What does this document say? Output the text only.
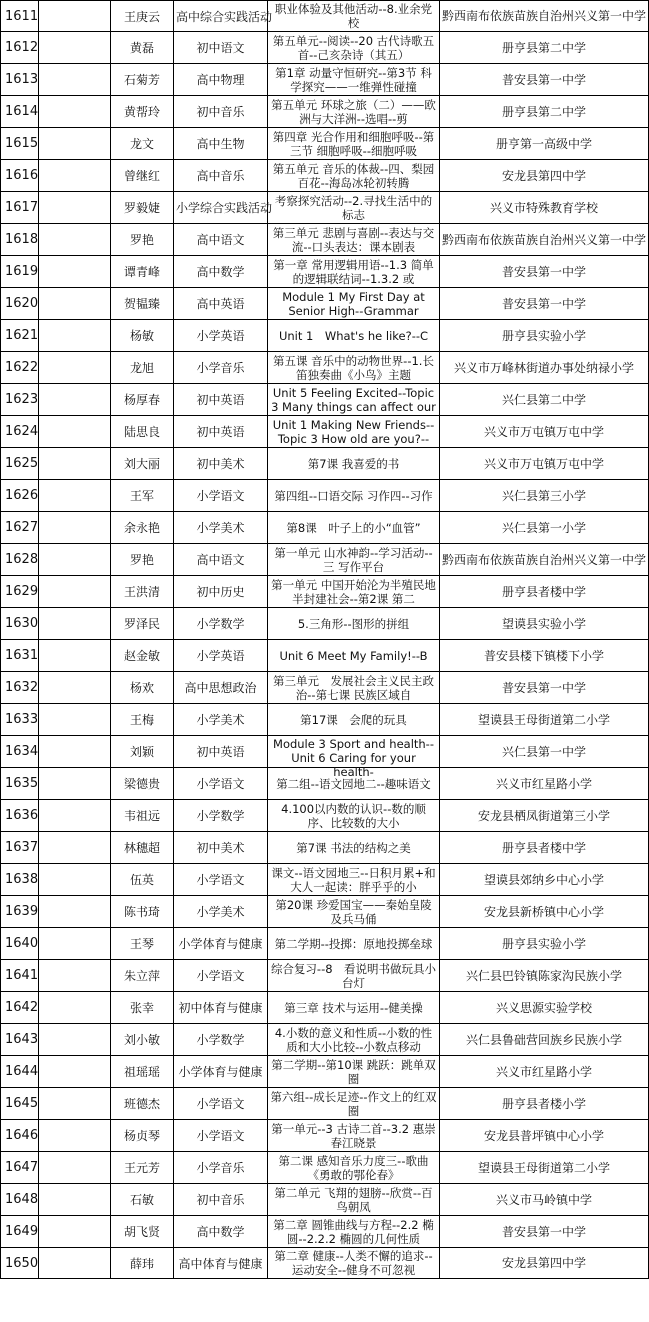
1611		王庚云	高中综合实践活动	职业体验及其他活动--8.业余党校	黔西南布依族苗族自治州兴义第一中学

1612		黄磊	初中语文	第五单元--阅读--20 古代诗歌五首--己亥杂诗（其五）	册亨县第二中学

1613		石菊芳	高中物理	第1章 动量守恒研究--第3节 科学探究——一维弹性碰撞	普安县第一中学

1614		黄帮玲	初中音乐	第五单元 环球之旅（二）——欧洲与大洋洲--选唱--剪	册亨县第二中学

1615		龙文	高中生物	第四章 光合作用和细胞呼吸--第三节 细胞呼吸--细胞呼吸	册亨第一高级中学

1616		曾继红	高中音乐	第五单元 音乐的体裁--四、梨园百花--海岛冰轮初转腾	安龙县第四中学

1617		罗毅婕	小学综合实践活动	考察探究活动--2.寻找生活中的标志	兴义市特殊教育学校

1618		罗艳	高中语文	第三单元 悲剧与喜剧--表达与交流--口头表达：课本剧表	黔西南布依族苗族自治州兴义第一中学

1619		谭青峰	高中数学	第一章 常用逻辑用语--1.3 简单的逻辑联结词--1.3.2 或	普安县第一中学

1620		贺韫臻	高中英语	Module 1 My First Day at Senior High--Grammar	普安县第一中学

1621		杨敏	小学英语	Unit 1　What's he like?--C	册亨县实验小学

1622		龙旭	小学音乐	第五课 音乐中的动物世界--1.长笛独奏曲《小鸟》主题	兴义市万峰林街道办事处纳禄小学

1623		杨厚春	初中英语	Unit 5 Feeling Excited--Topic 3 Many things can affect our	兴仁县第二中学

1624		陆思良	初中英语	Unit 1 Making New Friends--Topic 3 How old are you?--	兴义市万屯镇万屯中学

1625		刘大丽	初中美术	第7课 我喜爱的书	兴义市万屯镇万屯中学

1626		王军	小学语文	第四组--口语交际 习作四--习作	兴仁县第三小学

1627		余永艳	小学美术	第8课　叶子上的小“血管”	兴仁县第一小学

1628		罗艳	高中语文	第一单元 山水神韵--学习活动--三 写作平台	黔西南布依族苗族自治州兴义第一中学

1629		王洪清	初中历史	第一单元 中国开始沦为半殖民地半封建社会--第2课 第二	册亨县者楼中学

1630		罗泽民	小学数学	5.三角形--图形的拼组	望谟县实验小学

1631		赵金敏	小学英语	Unit 6 Meet My Family!--B	普安县楼下镇楼下小学

1632		杨欢	高中思想政治	第三单元　发展社会主义民主政治--第七课 民族区域自	普安县第一中学

1633		王梅	小学美术	第17课　会爬的玩具	望谟县王母街道第二小学

1634		刘颖	初中英语	Module 3 Sport and health--Unit 6 Caring for your health-	兴仁县第一中学

1635		梁德贵	小学语文	第二组--语文园地二--趣味语文	兴义市红星路小学

1636		韦祖远	小学数学	4.100以内数的认识--数的顺序、比较数的大小	安龙县栖凤街道第三小学

1637		林穗超	初中美术	第7课 书法的结构之美	册亨县者楼中学

1638		伍英	小学语文	课文--语文园地三--日积月累+和大人一起读：胖乎乎的小	望谟县郊纳乡中心小学

1639		陈书琦	小学美术	第20课 珍爱国宝——秦始皇陵及兵马俑	安龙县新桥镇中心小学

1640		王琴	小学体育与健康	第二学期--投掷：原地投掷垒球	册亨县实验小学

1641		朱立萍	小学语文	综合复习--8　看说明书做玩具小台灯	兴仁县巴铃镇陈家沟民族小学

1642		张幸	初中体育与健康	第三章 技术与运用--健美操	兴义思源实验学校

1643		刘小敏	小学数学	4.小数的意义和性质--小数的性质和大小比较--小数点移动	兴仁县鲁础营回族乡民族小学

1644		祖瑶瑶	小学体育与健康	第二学期--第10课 跳跃：跳单双圈	兴义市红星路小学

1645		班德杰	小学语文	第六组--成长足迹--作文上的红双圈	册亨县者楼小学

1646		杨贞琴	小学语文	第一单元--3 古诗二首--3.2 惠崇春江晓景	安龙县普坪镇中心小学

1647		王元芳	小学音乐	第二课 感知音乐力度三--歌曲《勇敢的鄂伦春》	望谟县王母街道第二小学

1648		石敏	初中音乐	第二单元 飞翔的翅膀--欣赏--百鸟朝凤	兴义市马岭镇中学

1649		胡飞贤	高中数学	第二章 圆锥曲线与方程--2.2 椭圆--2.2.2 椭圆的几何性质	普安县第一中学

1650		薛玮	高中体育与健康	第二章 健康--人类不懈的追求--运动安全--健身不可忽视	安龙县第四中学
